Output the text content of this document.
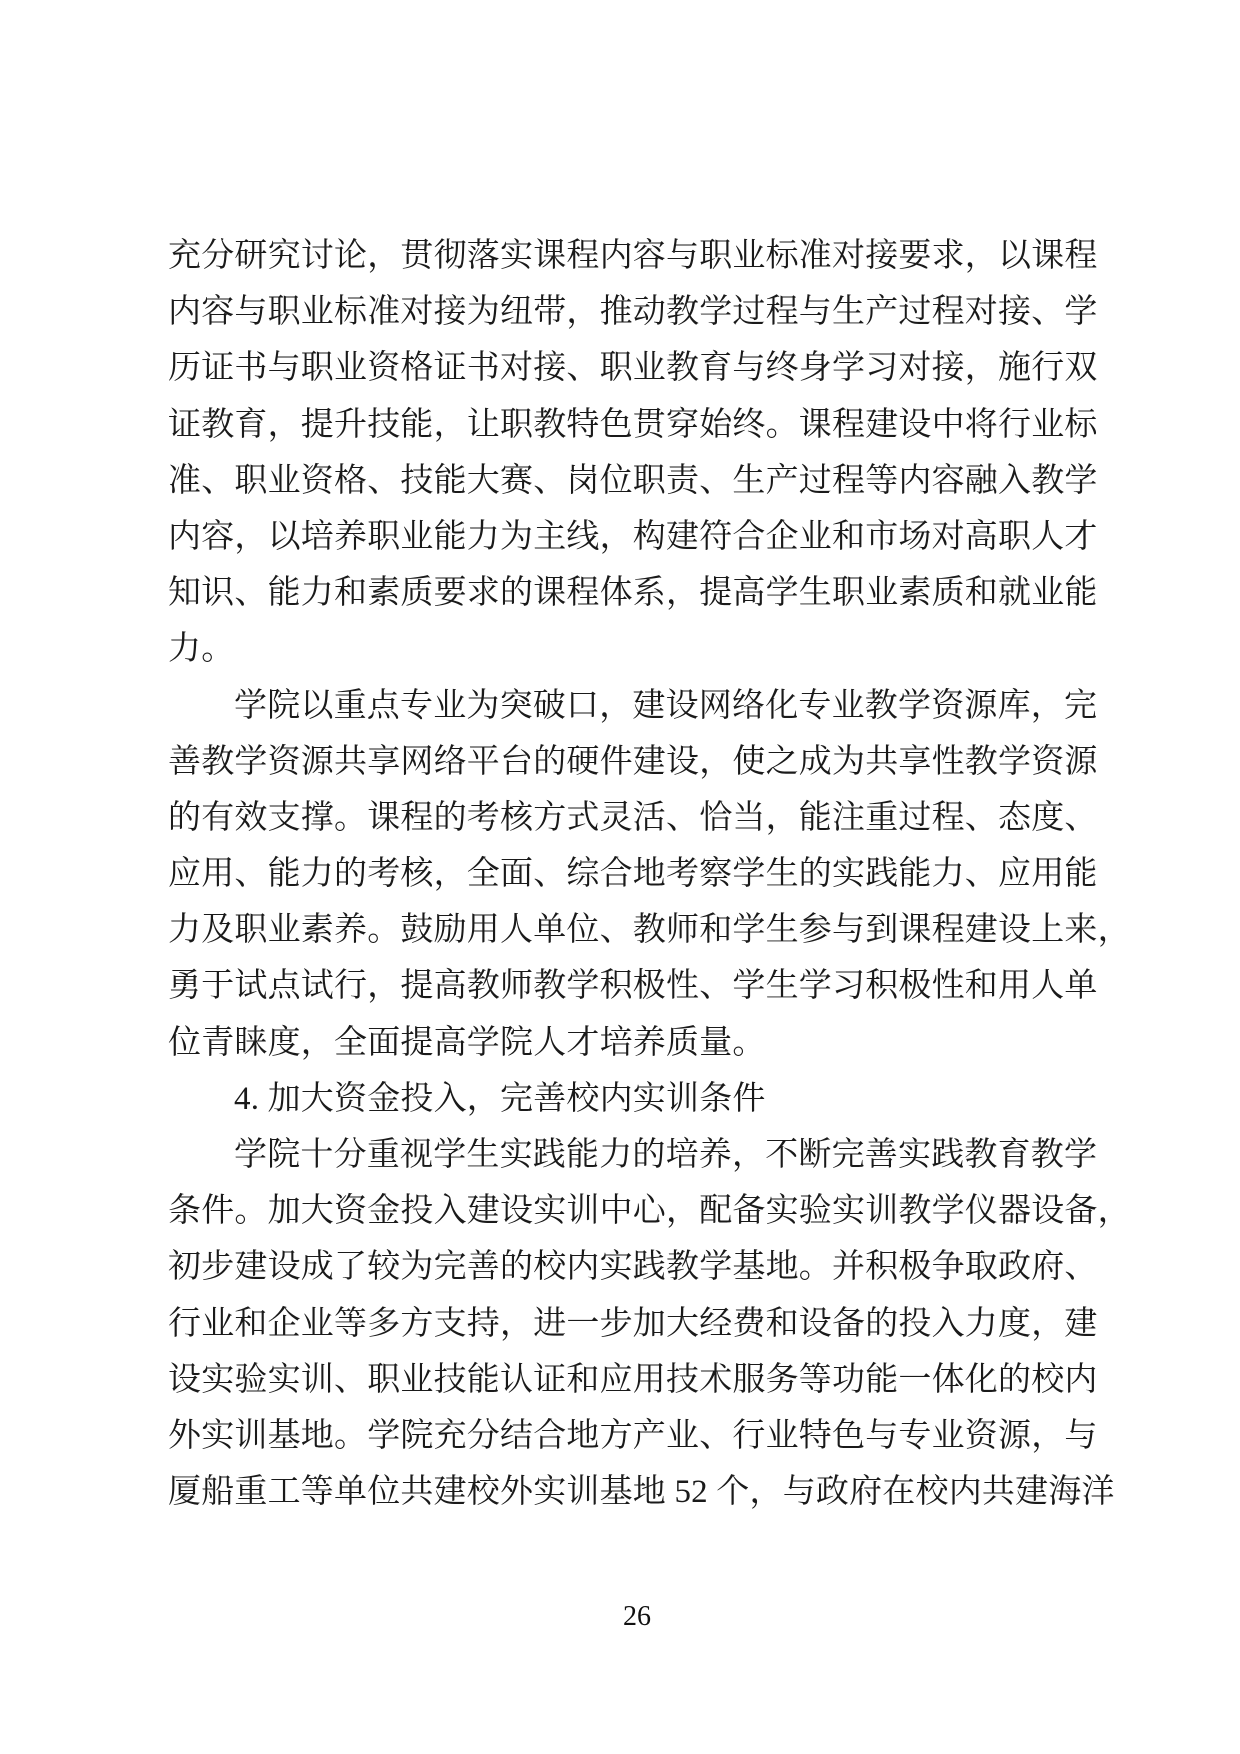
充分研究讨论，贯彻落实课程内容与职业标准对接要求，以课程
内容与职业标准对接为纽带，推动教学过程与生产过程对接、学
历证书与职业资格证书对接、职业教育与终身学习对接，施行双
证教育，提升技能，让职教特色贯穿始终。课程建设中将行业标
准、职业资格、技能大赛、岗位职责、生产过程等内容融入教学
内容，以培养职业能力为主线，构建符合企业和市场对高职人才
知识、能力和素质要求的课程体系，提高学生职业素质和就业能
力。
学院以重点专业为突破口，建设网络化专业教学资源库，完
善教学资源共享网络平台的硬件建设，使之成为共享性教学资源
的有效支撑。课程的考核方式灵活、恰当，能注重过程、态度、
应用、能力的考核，全面、综合地考察学生的实践能力、应用能
力及职业素养。鼓励用人单位、教师和学生参与到课程建设上来，
勇于试点试行，提高教师教学积极性、学生学习积极性和用人单
位青睐度，全面提高学院人才培养质量。
4. 加大资金投入，完善校内实训条件
学院十分重视学生实践能力的培养，不断完善实践教育教学
条件。加大资金投入建设实训中心，配备实验实训教学仪器设备，
初步建设成了较为完善的校内实践教学基地。并积极争取政府、
行业和企业等多方支持，进一步加大经费和设备的投入力度，建
设实验实训、职业技能认证和应用技术服务等功能一体化的校内
外实训基地。学院充分结合地方产业、行业特色与专业资源，与
厦船重工等单位共建校外实训基地 52 个，与政府在校内共建海洋
26
